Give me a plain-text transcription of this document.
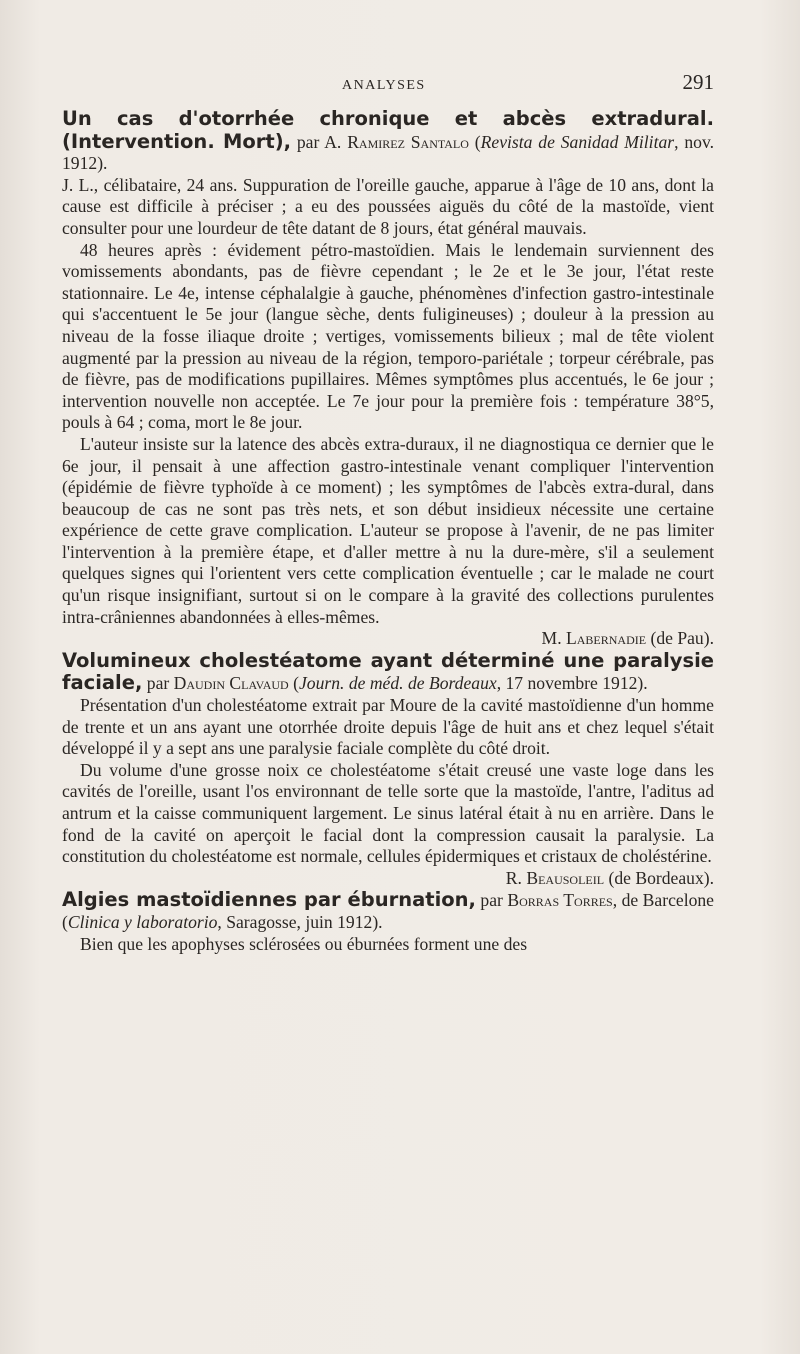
ANALYSES	291

Un cas d'otorrhée chronique et abcès extradural. (Intervention. Mort), par A. Ramirez Santalo (Revista de Sanidad Militar, nov. 1912).

J. L., célibataire, 24 ans. Suppuration de l'oreille gauche, apparue à l'âge de 10 ans, dont la cause est difficile à préciser ; a eu des poussées aiguës du côté de la mastoïde, vient consulter pour une lourdeur de tête datant de 8 jours, état général mauvais.

48 heures après : évidement pétro-mastoïdien. Mais le lendemain surviennent des vomissements abondants, pas de fièvre cependant ; le 2e et le 3e jour, l'état reste stationnaire. Le 4e, intense céphalalgie à gauche, phénomènes d'infection gastro-intestinale qui s'accentuent le 5e jour (langue sèche, dents fuligineuses) ; douleur à la pression au niveau de la fosse iliaque droite ; vertiges, vomissements bilieux ; mal de tête violent augmenté par la pression au niveau de la région, temporo-pariétale ; torpeur cérébrale, pas de fièvre, pas de modifications pupillaires. Mêmes symptômes plus accentués, le 6e jour ; intervention nouvelle non acceptée. Le 7e jour pour la première fois : température 38°5, pouls à 64 ; coma, mort le 8e jour.

L'auteur insiste sur la latence des abcès extra-duraux, il ne diagnostiqua ce dernier que le 6e jour, il pensait à une affection gastro-intestinale venant compliquer l'intervention (épidémie de fièvre typhoïde à ce moment) ; les symptômes de l'abcès extra-dural, dans beaucoup de cas ne sont pas très nets, et son début insidieux nécessite une certaine expérience de cette grave complication. L'auteur se propose à l'avenir, de ne pas limiter l'intervention à la première étape, et d'aller mettre à nu la dure-mère, s'il a seulement quelques signes qui l'orientent vers cette complication éventuelle ; car le malade ne court qu'un risque insignifiant, surtout si on le compare à la gravité des collections purulentes intra-crâniennes abandonnées à elles-mêmes.

M. Labernadie (de Pau).

Volumineux cholestéatome ayant déterminé une paralysie faciale, par Daudin Clavaud (Journ. de méd. de Bordeaux, 17 novembre 1912).

Présentation d'un cholestéatome extrait par Moure de la cavité mastoïdienne d'un homme de trente et un ans ayant une otorrhée droite depuis l'âge de huit ans et chez lequel s'était développé il y a sept ans une paralysie faciale complète du côté droit.

Du volume d'une grosse noix ce cholestéatome s'était creusé une vaste loge dans les cavités de l'oreille, usant l'os environnant de telle sorte que la mastoïde, l'antre, l'aditus ad antrum et la caisse communiquent largement. Le sinus latéral était à nu en arrière. Dans le fond de la cavité on aperçoit le facial dont la compression causait la paralysie. La constitution du cholestéatome est normale, cellules épidermiques et cristaux de choléstérine.

R. Beausoleil (de Bordeaux).

Algies mastoïdiennes par éburnation, par Borras Torres, de Barcelone (Clinica y laboratorio, Saragosse, juin 1912).

Bien que les apophyses sclérosées ou éburnées forment une des
